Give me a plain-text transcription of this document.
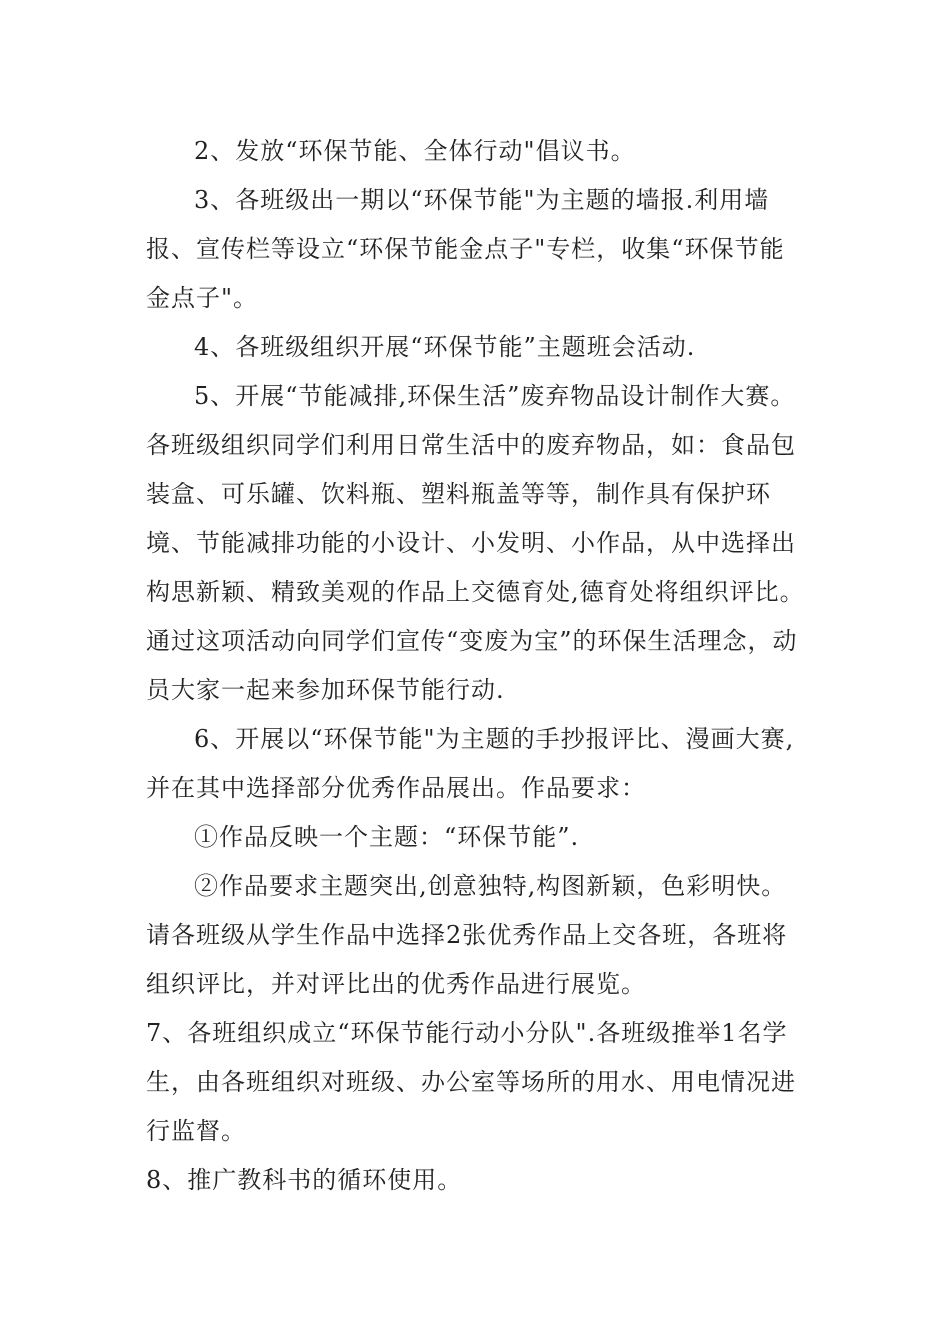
2、发放“环保节能、全体行动"倡议书。

3、各班级出一期以“环保节能"为主题的墙报.利用墙报、宣传栏等设立“环保节能金点子"专栏，收集“环保节能金点子"。

4、各班级组织开展“环保节能”主题班会活动.

5、开展“节能减排,环保生活”废弃物品设计制作大赛。各班级组织同学们利用日常生活中的废弃物品，如：食品包装盒、可乐罐、饮料瓶、塑料瓶盖等等，制作具有保护环境、节能减排功能的小设计、小发明、小作品，从中选择出构思新颖、精致美观的作品上交德育处,德育处将组织评比。通过这项活动向同学们宣传“变废为宝”的环保生活理念，动员大家一起来参加环保节能行动.

6、开展以“环保节能"为主题的手抄报评比、漫画大赛,并在其中选择部分优秀作品展出。作品要求：

①作品反映一个主题：“环保节能”.

②作品要求主题突出,创意独特,构图新颖，色彩明快。请各班级从学生作品中选择2张优秀作品上交各班，各班将组织评比，并对评比出的优秀作品进行展览。

7、各班组织成立“环保节能行动小分队".各班级推举1名学生，由各班组织对班级、办公室等场所的用水、用电情况进行监督。

8、推广教科书的循环使用。
